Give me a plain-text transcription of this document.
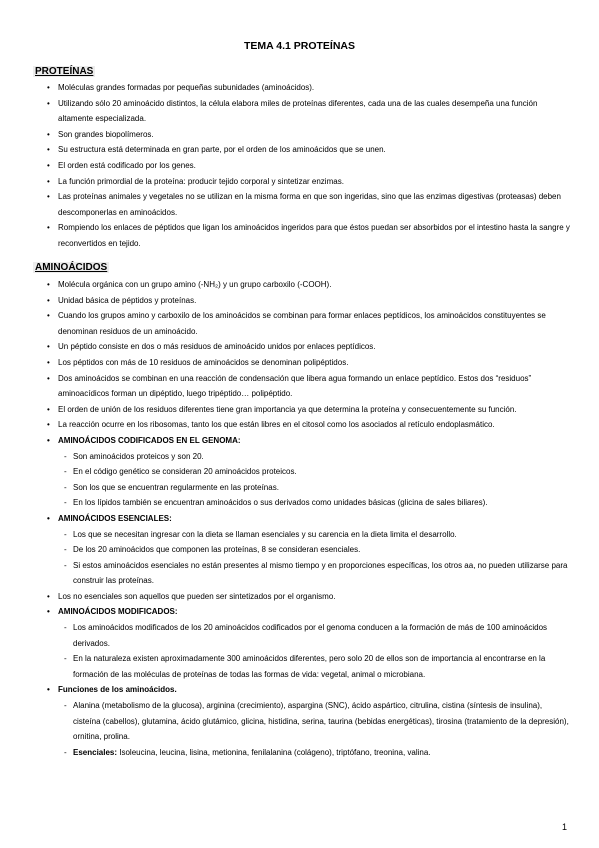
TEMA 4.1 PROTEÍNAS
PROTEÍNAS
• Moléculas grandes formadas por pequeñas subunidades (aminoácidos).
• Utilizando sólo 20 aminoácido distintos, la célula elabora miles de proteínas diferentes, cada una de las cuales desempeña una función altamente especializada.
• Son grandes biopolímeros.
• Su estructura está determinada en gran parte, por el orden de los aminoácidos que se unen.
• El orden está codificado por los genes.
• La función primordial de la proteína: producir tejido corporal y sintetizar enzimas.
• Las proteínas animales y vegetales no se utilizan en la misma forma en que son ingeridas, sino que las enzimas digestivas (proteasas) deben descomponerlas en aminoácidos.
• Rompiendo los enlaces de péptidos que ligan los aminoácidos ingeridos para que éstos puedan ser absorbidos por el intestino hasta la sangre y reconvertidos en tejido.
AMINOÁCIDOS
• Molécula orgánica con un grupo amino (-NH₂) y un grupo carboxilo (-COOH).
• Unidad básica de péptidos y proteínas.
• Cuando los grupos amino y carboxilo de los aminoácidos se combinan para formar enlaces peptídicos, los aminoácidos constituyentes se denominan residuos de un aminoácido.
• Un péptido consiste en dos o más residuos de aminoácido unidos por enlaces peptídicos.
• Los péptidos con más de 10 residuos de aminoácidos se denominan polipéptidos.
• Dos aminoácidos se combinan en una reacción de condensación que libera agua formando un enlace peptídico. Estos dos “residuos” aminoacídicos forman un dipéptido, luego tripéptido… polipéptido.
• El orden de unión de los residuos diferentes tiene gran importancia ya que determina la proteína y consecuentemente su función.
• La reacción ocurre en los ribosomas, tanto los que están libres en el citosol como los asociados al retículo endoplasmático.
• AMINOÁCIDOS CODIFICADOS EN EL GENOMA:
- Son aminoácidos proteicos y son 20.
- En el código genético se consideran 20 aminoácidos proteicos.
- Son los que se encuentran regularmente en las proteínas.
- En los lípidos también se encuentran aminoácidos o sus derivados como unidades básicas (glicina de sales biliares).
• AMINOÁCIDOS ESENCIALES:
- Los que se necesitan ingresar con la dieta se llaman esenciales y su carencia en la dieta limita el desarrollo.
- De los 20 aminoácidos que componen las proteínas, 8 se consideran esenciales.
- Si estos aminoácidos esenciales no están presentes al mismo tiempo y en proporciones específicas, los otros aa, no pueden utilizarse para construir las proteínas.
• Los no esenciales son aquellos que pueden ser sintetizados por el organismo.
• AMINOÁCIDOS MODIFICADOS:
- Los aminoácidos modificados de los 20 aminoácidos codificados por el genoma conducen a la formación de más de 100 aminoácidos derivados.
- En la naturaleza existen aproximadamente 300 aminoácidos diferentes, pero solo 20 de ellos son de importancia al encontrarse en la formación de las moléculas de proteínas de todas las formas de vida: vegetal, animal o microbiana.
• Funciones de los aminoácidos.
- Alanina (metabolismo de la glucosa), arginina (crecimiento), aspargina (SNC), ácido aspártico, citrulina, cistina (síntesis de insulina), cisteína (cabellos), glutamina, ácido glutámico, glicina, histidina, serina, taurina (bebidas energéticas), tirosina (tratamiento de la depresión), ornitina, prolina.
- Esenciales: Isoleucina, leucina, lisina, metionina, fenilalanina (colágeno), triptófano, treonina, valina.
1
